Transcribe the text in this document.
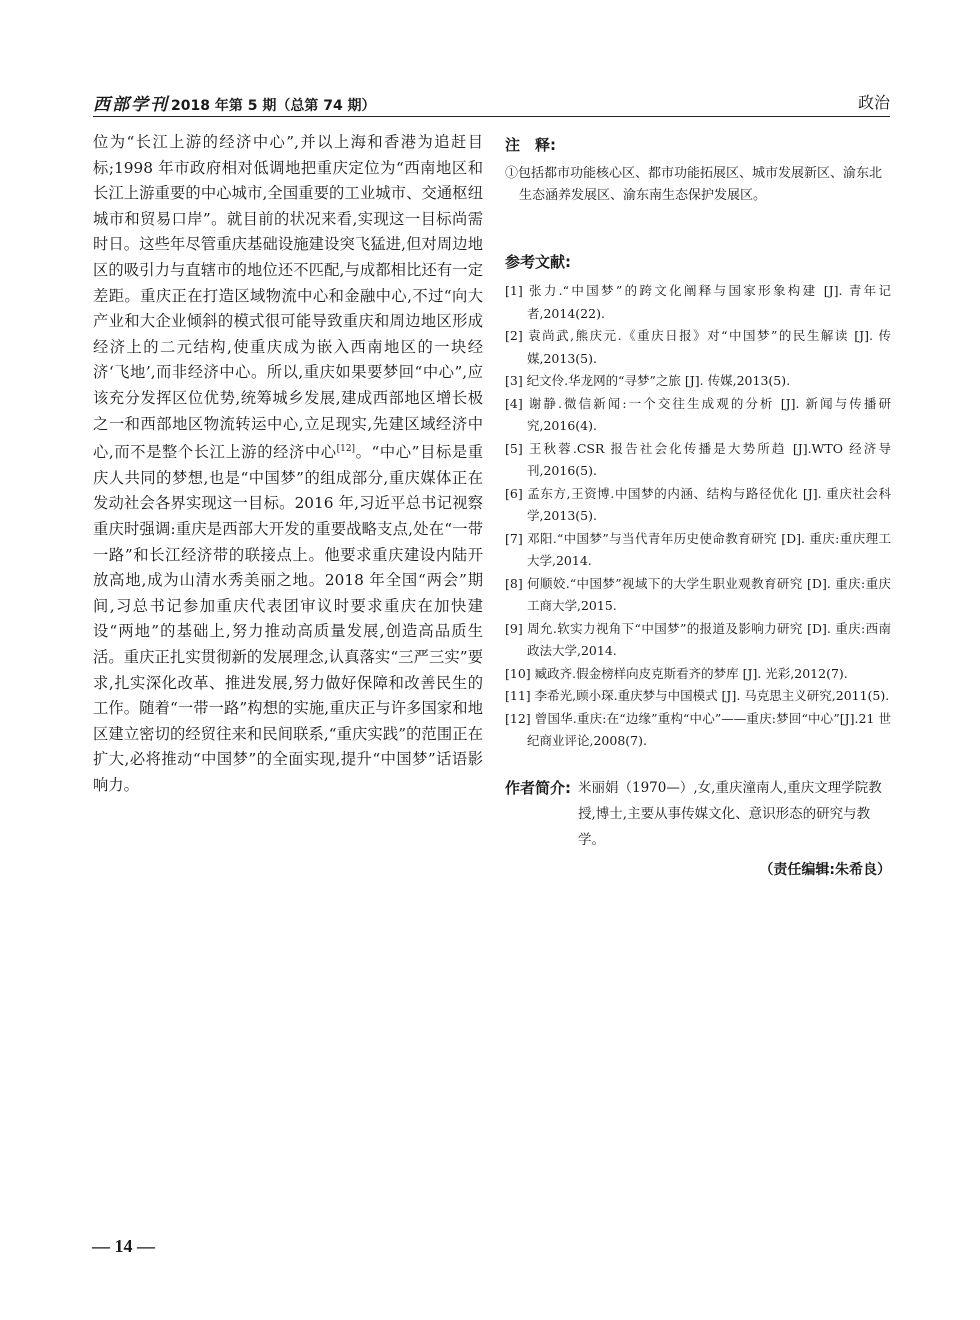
西部学刊 2018 年第 5 期（总第 74 期）	政治

位为“长江上游的经济中心”,并以上海和香港为追赶目标;1998 年市政府相对低调地把重庆定位为“西南地区和长江上游重要的中心城市,全国重要的工业城市、交通枢纽城市和贸易口岸”。就目前的状况来看,实现这一目标尚需时日。这些年尽管重庆基础设施建设突飞猛进,但对周边地区的吸引力与直辖市的地位还不匹配,与成都相比还有一定差距。重庆正在打造区域物流中心和金融中心,不过“向大产业和大企业倾斜的模式很可能导致重庆和周边地区形成经济上的二元结构,使重庆成为嵌入西南地区的一块经济‘飞地’,而非经济中心。所以,重庆如果要梦回“中心”,应该充分发挥区位优势,统筹城乡发展,建成西部地区增长极之一和西部地区物流转运中心,立足现实,先建区域经济中心,而不是整个长江上游的经济中心[12]。“中心”目标是重庆人共同的梦想,也是“中国梦”的组成部分,重庆媒体正在发动社会各界实现这一目标。2016 年,习近平总书记视察重庆时强调:重庆是西部大开发的重要战略支点,处在“一带一路”和长江经济带的联接点上。他要求重庆建设内陆开放高地,成为山清水秀美丽之地。2018 年全国“两会”期间,习总书记参加重庆代表团审议时要求重庆在加快建设“两地”的基础上,努力推动高质量发展,创造高品质生活。重庆正扎实贯彻新的发展理念,认真落实“三严三实”要求,扎实深化改革、推进发展,努力做好保障和改善民生的工作。随着“一带一路”构想的实施,重庆正与许多国家和地区建立密切的经贸往来和民间联系,“重庆实践”的范围正在扩大,必将推动“中国梦”的全面实现,提升“中国梦”话语影响力。

注　释:

①包括都市功能核心区、都市功能拓展区、城市发展新区、渝东北生态涵养发展区、渝东南生态保护发展区。

参考文献:

[1] 张力.“中国梦”的跨文化阐释与国家形象构建 [J]. 青年记者,2014(22).

[2] 袁尚武,熊庆元.《重庆日报》对“中国梦”的民生解读 [J]. 传媒,2013(5).

[3] 纪文伶.华龙网的“寻梦”之旅 [J]. 传媒,2013(5).

[4] 谢静.微信新闻:一个交往生成观的分析 [J]. 新闻与传播研究,2016(4).

[5] 王秋蓉.CSR 报告社会化传播是大势所趋 [J].WTO 经济导刊,2016(5).

[6] 孟东方,王资博.中国梦的内涵、结构与路径优化 [J]. 重庆社会科学,2013(5).

[7] 邓阳.“中国梦”与当代青年历史使命教育研究 [D]. 重庆:重庆理工大学,2014.

[8] 何顺姣.“中国梦”视域下的大学生职业观教育研究 [D]. 重庆:重庆工商大学,2015.

[9] 周允.软实力视角下“中国梦”的报道及影响力研究 [D]. 重庆:西南政法大学,2014.

[10] 臧政齐.假金榜样向皮克斯看齐的梦库 [J]. 光彩,2012(7).

[11] 李希光,顾小琛.重庆梦与中国模式 [J]. 马克思主义研究,2011(5).

[12] 曾国华.重庆:在“边缘”重构“中心”——重庆:梦回“中心”[J].21 世纪商业评论,2008(7).

作者简介: 米丽娟（1970—）,女,重庆潼南人,重庆文理学院教授,博士,主要从事传媒文化、意识形态的研究与教学。
（责任编辑:朱希良）
— 14 —
